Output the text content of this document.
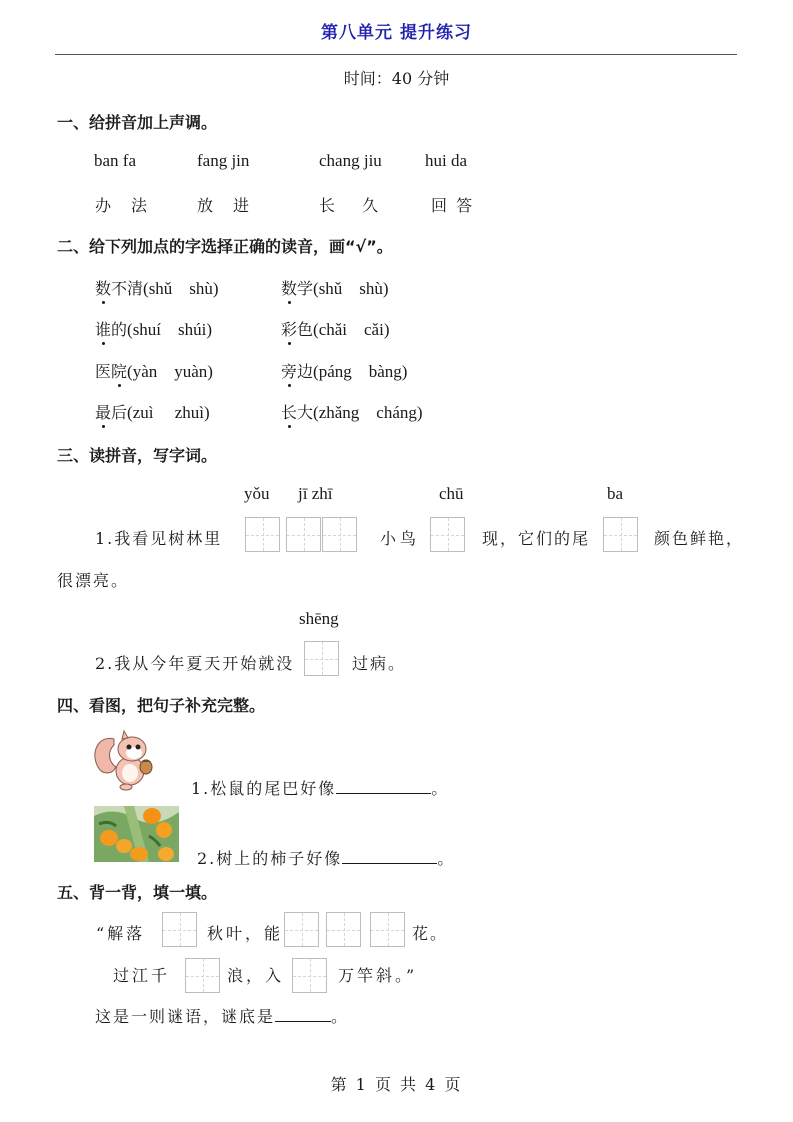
第八单元 提升练习
时间：40 分钟
一、给拼音加上声调。
ban fa	fang jin	chang jiu	hui da
办　法	放　进	长　 久	回 答
二、给下列加点的字选择正确的读音，画“√”。
数不清(shǔ　shù)	数学(shǔ　shù)
谁的(shuí　shúi)	彩色(chǎi　cǎi)
医院(yàn　yuàn)	旁边(páng　bàng)
最后(zuì　 zhuì)	长大(zhǎng　cháng)
三、读拼音，写字词。
yǒu jī zhī	chū	ba
1.我看见树林里	小鸟	现，它们的尾	颜色鲜艳，
很漂亮。
shēng
2.我从今年夏天开始就没	过病。
四、看图，把句子补充完整。
1.松鼠的尾巴好像	。
2.树上的柿子好像	。
五、背一背，填一填。
“解落	秋叶，能	花。
过江千	浪，入	万竿斜。”
这是一则谜语，谜底是	。
第 1 页 共 4 页
